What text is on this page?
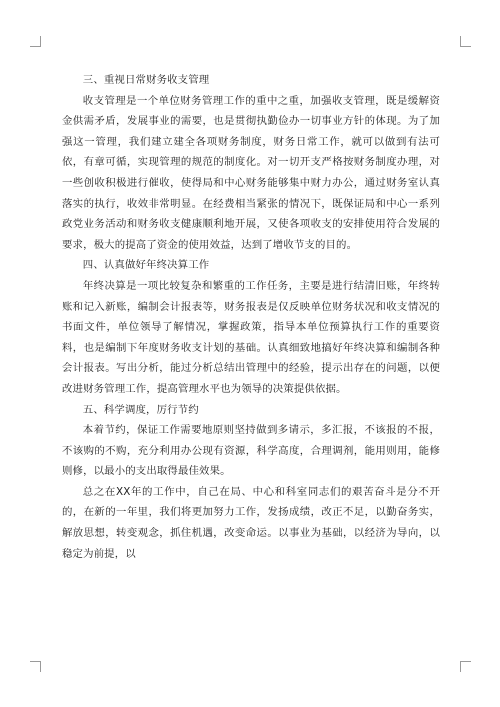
三、重视日常财务收支管理

收支管理是一个单位财务管理工作的重中之重，加强收支管理，既是缓解资金供需矛盾，发展事业的需要，也是贯彻执勤俭办一切事业方针的体现。为了加强这一管理，我们建立建全各项财务制度，财务日常工作，就可以做到有法可依，有章可循，实现管理的规范的制度化。对一切开支严格按财务制度办理，对一些创收积极进行催收，使得局和中心财务能够集中财力办公，通过财务室认真落实的执行，收效非常明显。在经费相当紧张的情况下，既保证局和中心一系列政党业务活动和财务收支健康顺利地开展，又使各项收支的安排使用符合发展的要求，极大的提高了资金的使用效益，达到了增收节支的目的。

四、认真做好年终决算工作

年终决算是一项比较复杂和繁重的工作任务，主要是进行结清旧账，年终转账和记入新账，编制会计报表等，财务报表是仅反映单位财务状况和收支情况的书面文件，单位领导了解情况，掌握政策，指导本单位预算执行工作的重要资料，也是编制下年度财务收支计划的基础。认真细致地搞好年终决算和编制各种会计报表。写出分析，能过分析总结出管理中的经验，提示出存在的问题，以便改进财务管理工作，提高管理水平也为领导的决策提供依据。

五、科学调度，厉行节约

本着节约，保证工作需要地原则坚持做到多请示，多汇报，不该报的不报，不该购的不购，充分利用办公现有资源，科学高度，合理调剂，能用则用，能修则修，以最小的支出取得最佳效果。

总之在XX年的工作中，自己在局、中心和科室同志们的艰苦奋斗是分不开的，在新的一年里，我们将更加努力工作，发扬成绩，改正不足，以勤奋务实，解放思想，转变观念，抓住机遇，改变命运。以事业为基础，以经济为导向，以稳定为前提，以
